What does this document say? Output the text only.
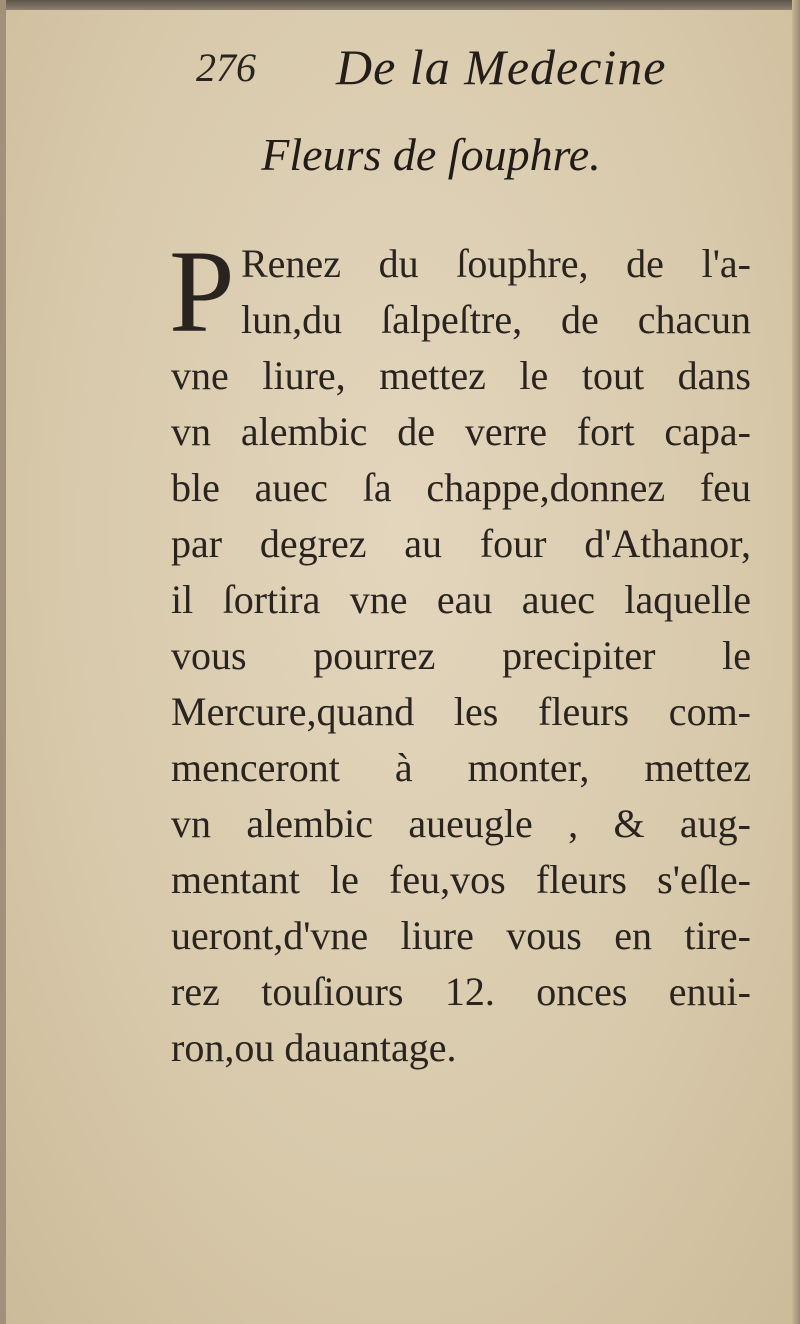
276 De la Medecine
Fleurs de ſouphre.
P Renez du ſouphre, de l'a-
lun,du ſalpeſtre, de chacun
vne liure, mettez le tout dans
vn alembic de verre fort capa-
ble auec ſa chappe,donnez feu
par degrez au four d'Athanor,
il ſortira vne eau auec laquelle
vous pourrez precipiter le
Mercure,quand les fleurs com-
menceront à monter, mettez
vn alembic aueugle , & aug-
mentant le feu,vos fleurs s'eſle-
ueront,d'vne liure vous en tire-
rez touſiours 12. onces enui-
ron,ou dauantage.
